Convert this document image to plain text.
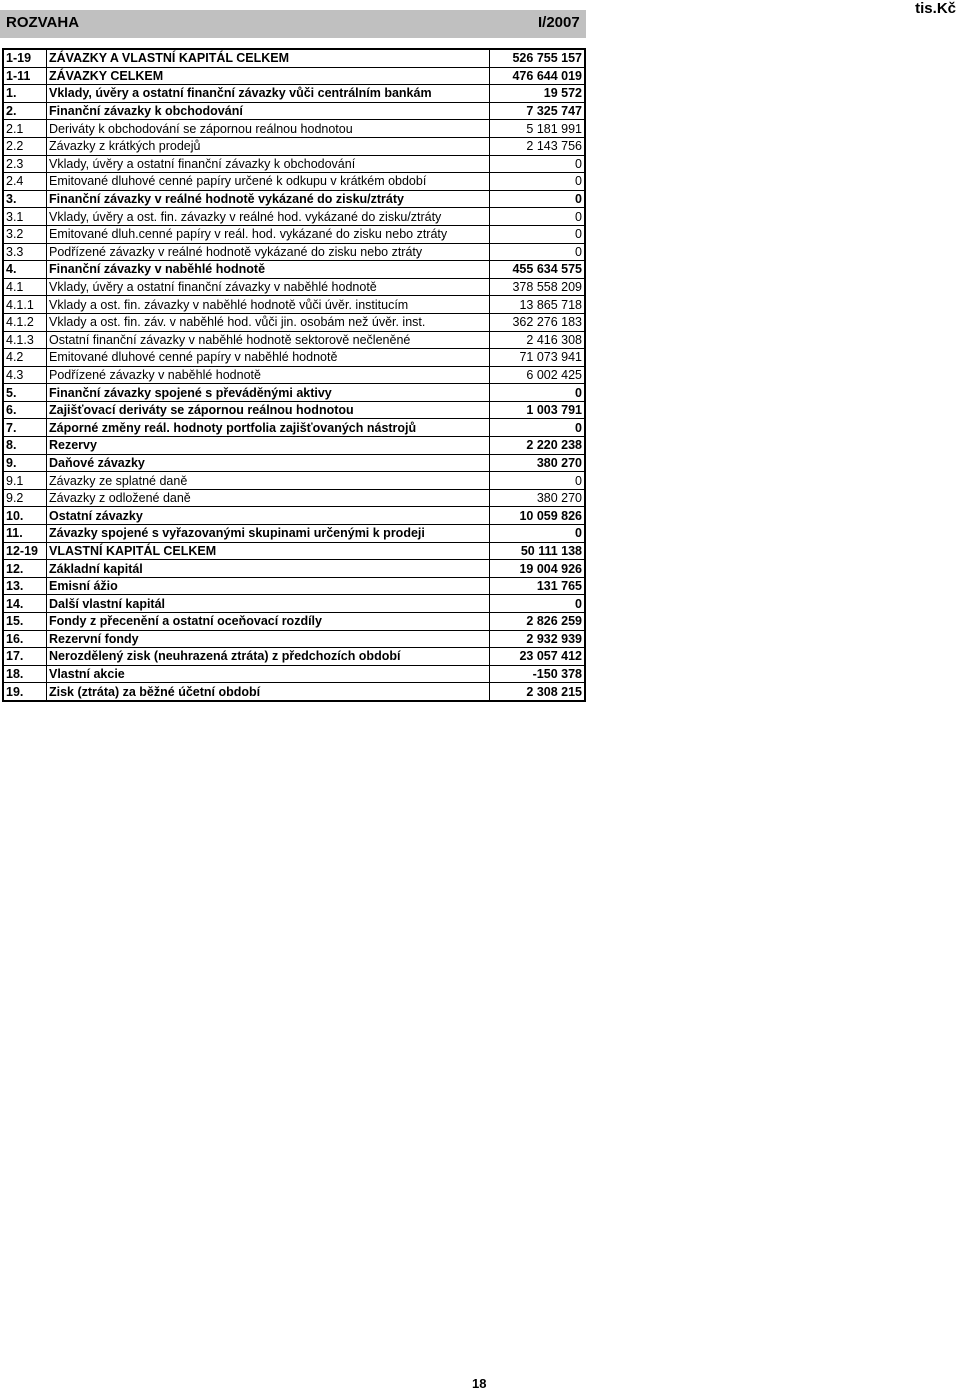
ROZVAHA	I/2007
tis.Kč
1-19	ZÁVAZKY A VLASTNÍ KAPITÁL CELKEM	526 755 157
1-11	ZÁVAZKY CELKEM	476 644 019
1.	Vklady, úvěry a ostatní finanční závazky vůči centrálním bankám	19 572
2.	Finanční závazky k obchodování	7 325 747
2.1	Deriváty k obchodování se zápornou reálnou hodnotou	5 181 991
2.2	Závazky z krátkých prodejů	2 143 756
2.3	Vklady, úvěry a ostatní finanční závazky k obchodování	0
2.4	Emitované dluhové cenné papíry určené k odkupu v krátkém období	0
3.	Finanční závazky v reálné hodnotě vykázané do zisku/ztráty	0
3.1	Vklady, úvěry a ost. fin. závazky v reálné hod. vykázané do zisku/ztráty	0
3.2	Emitované dluh.cenné papíry v reál. hod. vykázané do zisku nebo ztráty	0
3.3	Podřízené závazky v reálné hodnotě vykázané do zisku nebo ztráty	0
4.	Finanční závazky v naběhlé hodnotě	455 634 575
4.1	Vklady, úvěry a ostatní finanční závazky v naběhlé hodnotě	378 558 209
4.1.1	Vklady a ost. fin. závazky v naběhlé hodnotě vůči úvěr. institucím	13 865 718
4.1.2	Vklady a ost. fin. záv. v naběhlé hod. vůči jin. osobám než úvěr. inst.	362 276 183
4.1.3	Ostatní finanční závazky v naběhlé hodnotě sektorově nečleněné	2 416 308
4.2	Emitované dluhové cenné papíry v naběhlé hodnotě	71 073 941
4.3	Podřízené závazky v naběhlé hodnotě	6 002 425
5.	Finanční závazky spojené s převáděnými aktivy	0
6.	Zajišťovací deriváty se zápornou reálnou hodnotou	1 003 791
7.	Záporné změny reál. hodnoty portfolia zajišťovaných nástrojů	0
8.	Rezervy	2 220 238
9.	Daňové závazky	380 270
9.1	Závazky ze splatné daně	0
9.2	Závazky z odložené daně	380 270
10.	Ostatní závazky	10 059 826
11.	Závazky spojené s vyřazovanými skupinami určenými k prodeji	0
12-19	VLASTNÍ KAPITÁL CELKEM	50 111 138
12.	Základní kapitál	19 004 926
13.	Emisní ážio	131 765
14.	Další vlastní kapitál	0
15.	Fondy z přecenění a ostatní oceňovací rozdíly	2 826 259
16.	Rezervní fondy	2 932 939
17.	Nerozdělený zisk (neuhrazená ztráta) z předchozích období	23 057 412
18.	Vlastní akcie	-150 378
19.	Zisk (ztráta) za běžné účetní období	2 308 215
18
